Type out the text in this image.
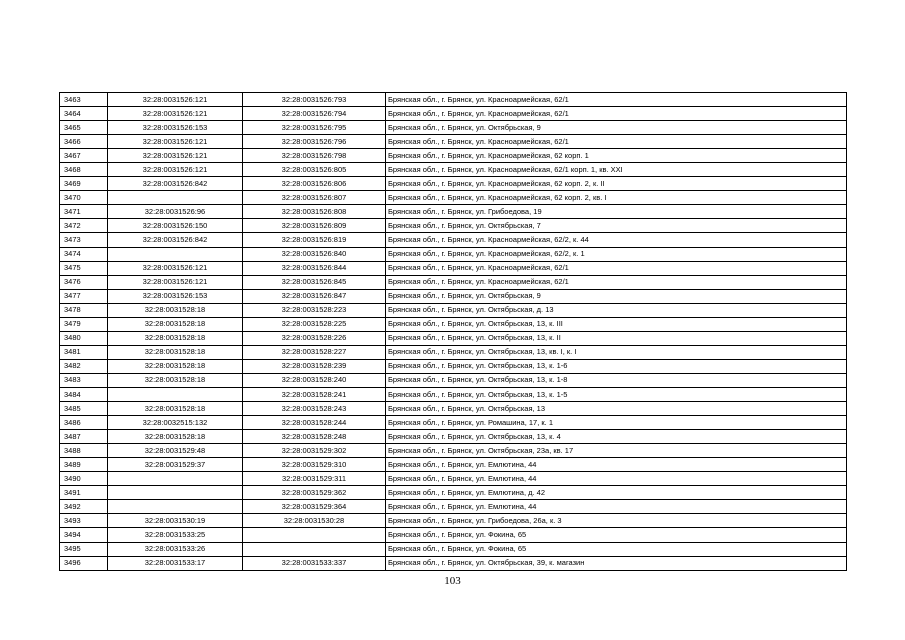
3463	32:28:0031526:121	32:28:0031526:793	Брянская обл., г. Брянск, ул. Красноармейская, 62/1
3464	32:28:0031526:121	32:28:0031526:794	Брянская обл., г. Брянск, ул. Красноармейская, 62/1
3465	32:28:0031526:153	32:28:0031526:795	Брянская обл., г. Брянск, ул. Октябрьская, 9
3466	32:28:0031526:121	32:28:0031526:796	Брянская обл., г. Брянск, ул. Красноармейская, 62/1
3467	32:28:0031526:121	32:28:0031526:798	Брянская обл., г. Брянск, ул. Красноармейская, 62 корп. 1
3468	32:28:0031526:121	32:28:0031526:805	Брянская обл., г. Брянск, ул. Красноармейская, 62/1 корп. 1, кв. XXI
3469	32:28:0031526:842	32:28:0031526:806	Брянская обл., г. Брянск, ул. Красноармейская, 62 корп. 2, к. II
3470		32:28:0031526:807	Брянская обл., г. Брянск, ул. Красноармейская, 62 корп. 2, кв. I
3471	32:28:0031526:96	32:28:0031526:808	Брянская обл., г. Брянск, ул. Грибоедова, 19
3472	32:28:0031526:150	32:28:0031526:809	Брянская обл., г. Брянск, ул. Октябрьская, 7
3473	32:28:0031526:842	32:28:0031526:819	Брянская обл., г. Брянск, ул. Красноармейская, 62/2, к. 44
3474		32:28:0031526:840	Брянская обл., г. Брянск, ул. Красноармейская, 62/2, к. 1
3475	32:28:0031526:121	32:28:0031526:844	Брянская обл., г. Брянск, ул. Красноармейская, 62/1
3476	32:28:0031526:121	32:28:0031526:845	Брянская обл., г. Брянск, ул. Красноармейская, 62/1
3477	32:28:0031526:153	32:28:0031526:847	Брянская обл., г. Брянск, ул. Октябрьская, 9
3478	32:28:0031528:18	32:28:0031528:223	Брянская обл., г. Брянск, ул. Октябрьская, д. 13
3479	32:28:0031528:18	32:28:0031528:225	Брянская обл., г. Брянск, ул. Октябрьская, 13, к. III
3480	32:28:0031528:18	32:28:0031528:226	Брянская обл., г. Брянск, ул. Октябрьская, 13, к. II
3481	32:28:0031528:18	32:28:0031528:227	Брянская обл., г. Брянск, ул. Октябрьская, 13, кв. I, к. I
3482	32:28:0031528:18	32:28:0031528:239	Брянская обл., г. Брянск, ул. Октябрьская, 13, к. 1-6
3483	32:28:0031528:18	32:28:0031528:240	Брянская обл., г. Брянск, ул. Октябрьская, 13, к. 1-8
3484		32:28:0031528:241	Брянская обл., г. Брянск, ул. Октябрьская, 13, к. 1-5
3485	32:28:0031528:18	32:28:0031528:243	Брянская обл., г. Брянск, ул. Октябрьская, 13
3486	32:28:0032515:132	32:28:0031528:244	Брянская обл., г. Брянск, ул. Ромашина, 17, к. 1
3487	32:28:0031528:18	32:28:0031528:248	Брянская обл., г. Брянск, ул. Октябрьская, 13, к. 4
3488	32:28:0031529:48	32:28:0031529:302	Брянская обл., г. Брянск, ул. Октябрьская, 23а, кв. 17
3489	32:28:0031529:37	32:28:0031529:310	Брянская обл., г. Брянск, ул. Емлютина, 44
3490		32:28:0031529:311	Брянская обл., г. Брянск, ул. Емлютина, 44
3491		32:28:0031529:362	Брянская обл., г. Брянск, ул. Емлютина, д. 42
3492		32:28:0031529:364	Брянская обл., г. Брянск, ул. Емлютина, 44
3493	32:28:0031530:19	32:28:0031530:28	Брянская обл., г. Брянск, ул. Грибоедова, 26а, к. 3
3494	32:28:0031533:25		Брянская обл., г. Брянск, ул. Фокина, 65
3495	32:28:0031533:26		Брянская обл., г. Брянск, ул. Фокина, 65
3496	32:28:0031533:17	32:28:0031533:337	Брянская обл., г. Брянск, ул. Октябрьская, 39, к. магазин
103
